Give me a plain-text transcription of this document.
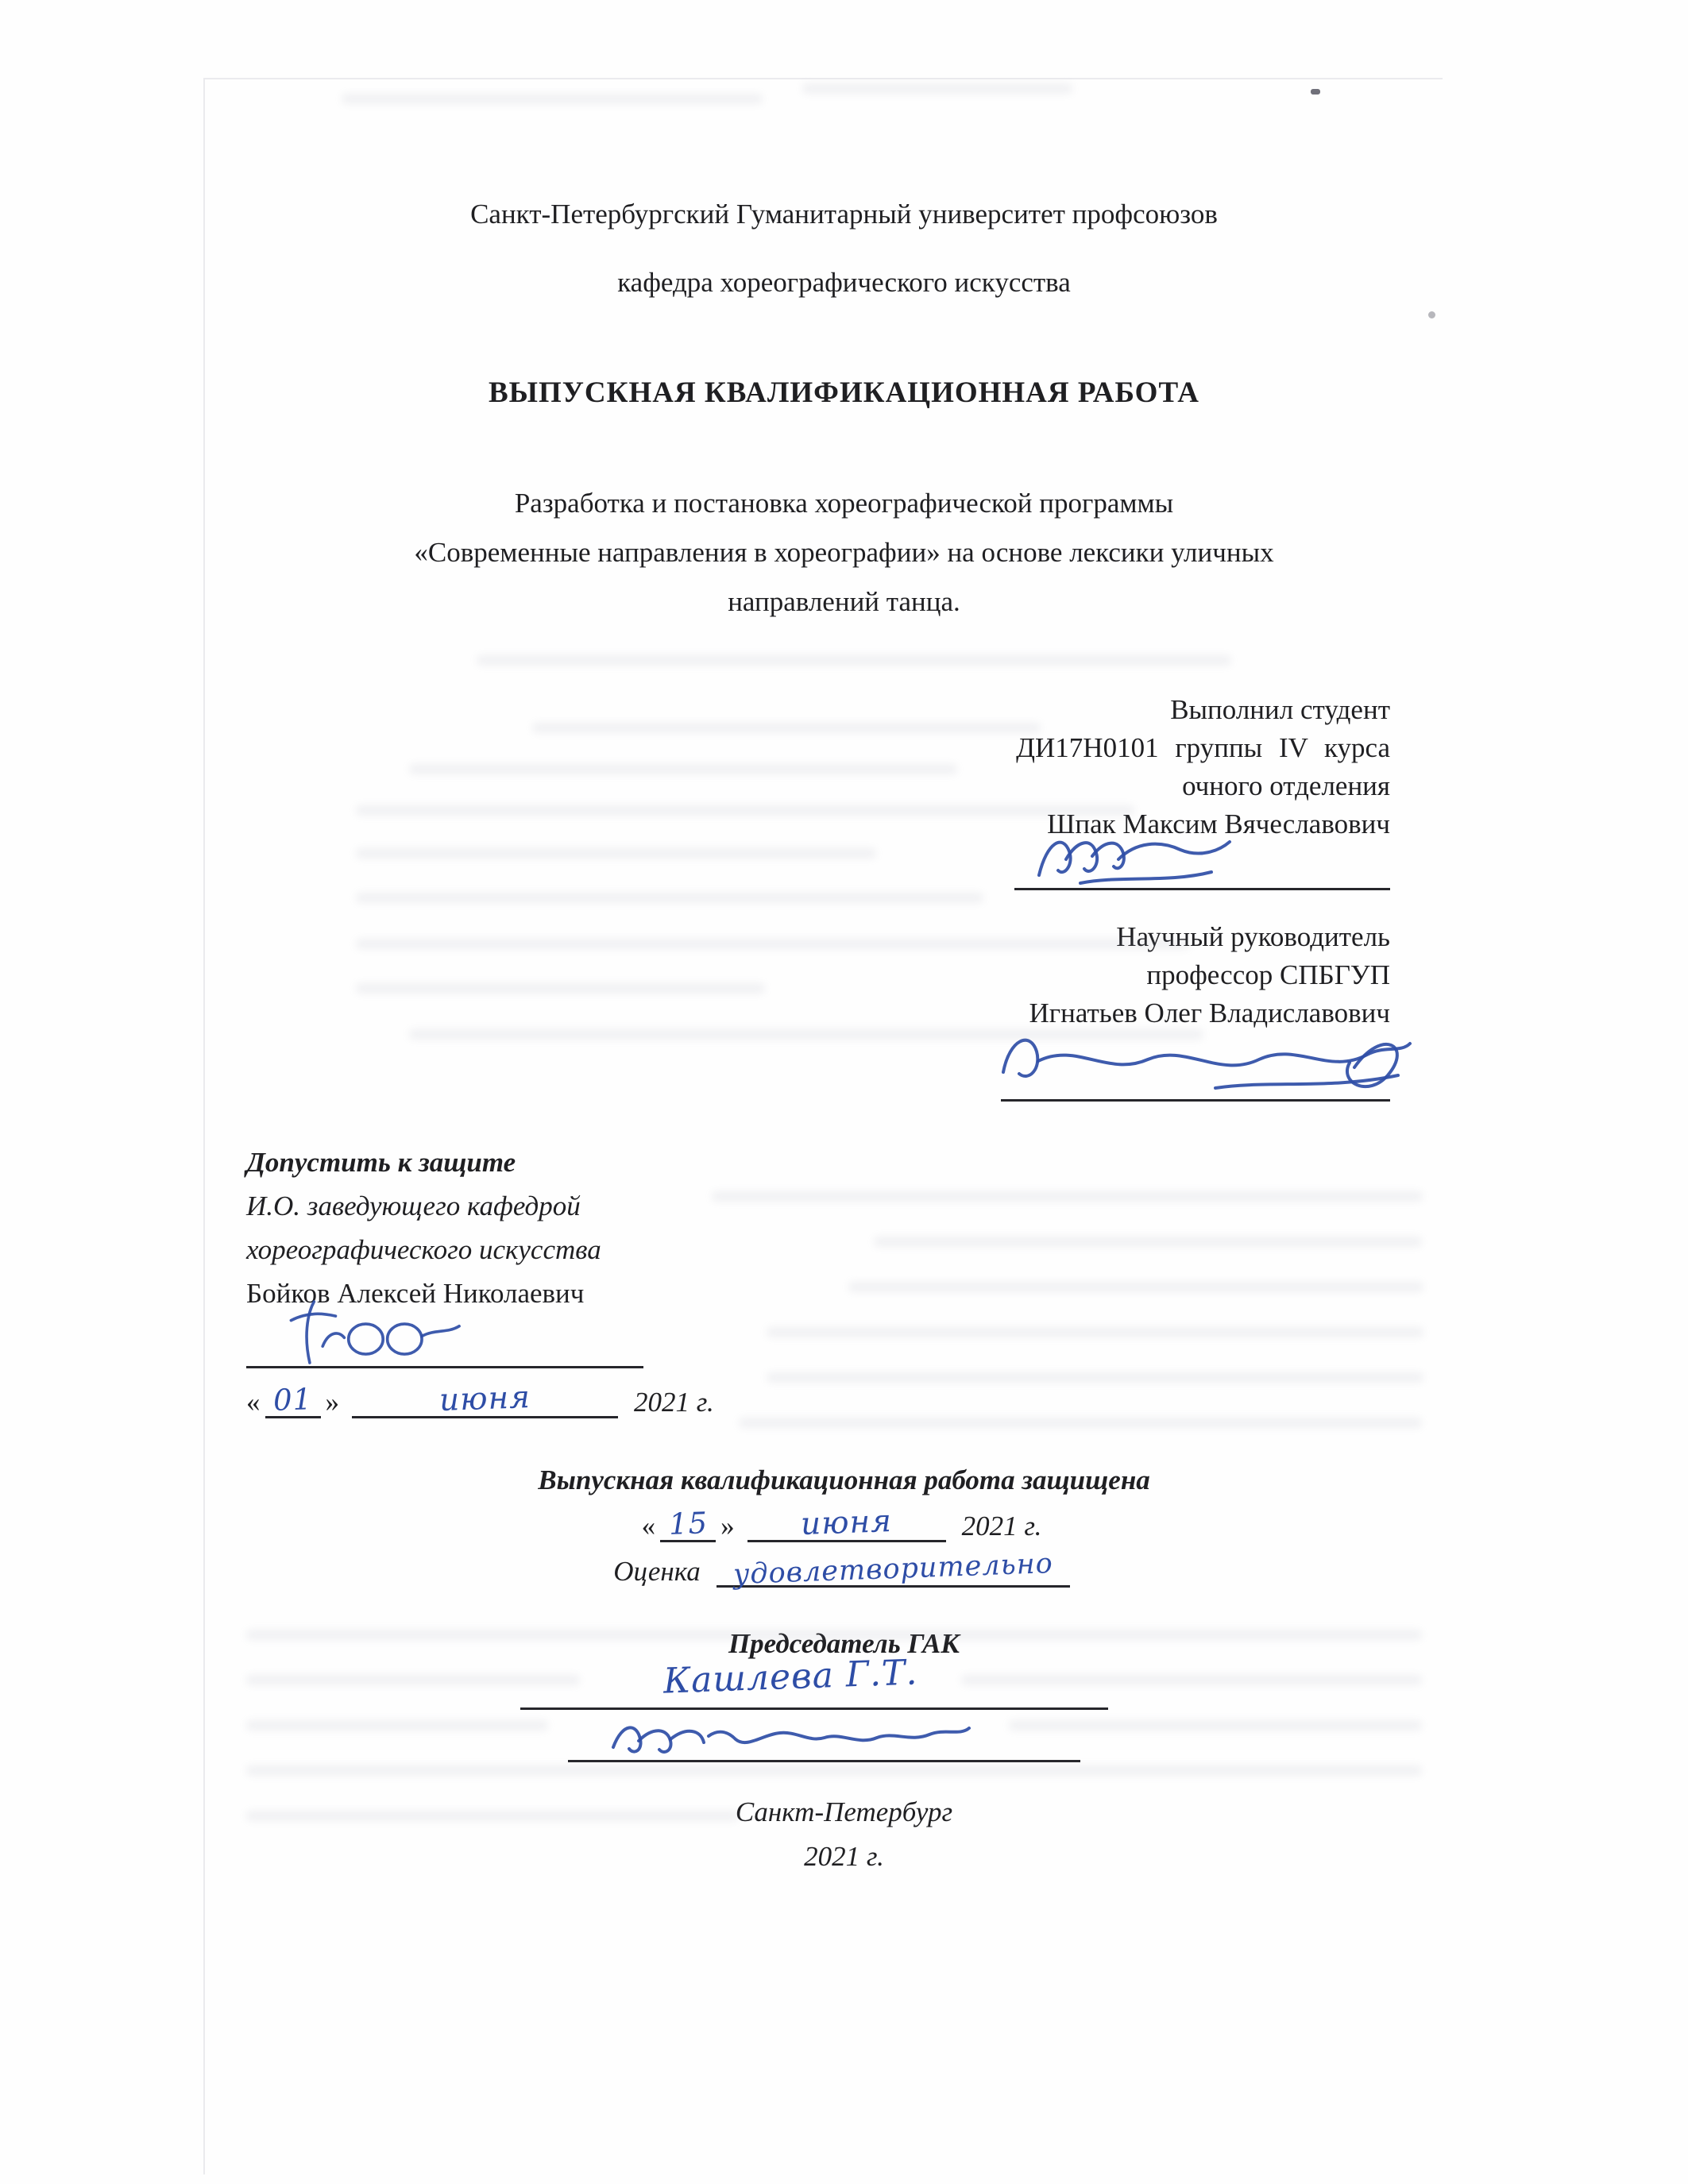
Санкт-Петербургский Гуманитарный университет профсоюзов
кафедра хореографического искусства
ВЫПУСКНАЯ КВАЛИФИКАЦИОННАЯ РАБОТА
Разработка и постановка хореографической программы
«Современные направления в хореографии» на основе лексики уличных
направлений танца.
Выполнил студент
ДИ17Н0101 группы IV курса
очного отделения
Шпак Максим Вячеславович
Научный руководитель
профессор СПБГУП
Игнатьев Олег Владиславович
Допустить к защите
И.О. заведующего кафедрой
хореографического искусства
Бойков Алексей Николаевич
« 01 »	июня	2021 г.
Выпускная квалификационная работа защищена
« 15 »	июня	2021 г.
Оценка	удовлетворительно
Председатель ГАК
Кашлева Г.Т.
Санкт-Петербург
2021 г.
